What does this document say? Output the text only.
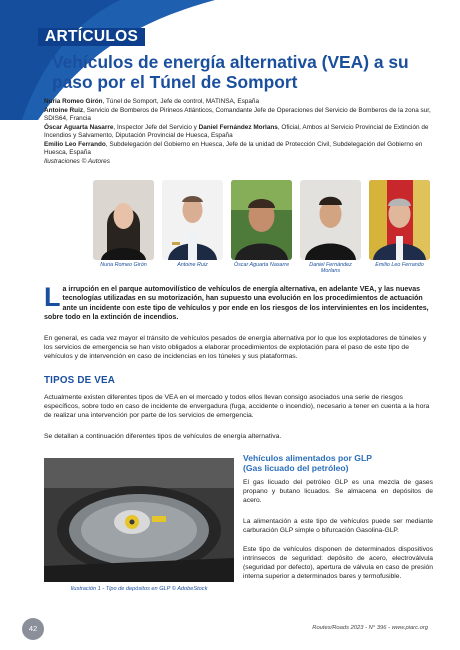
ARTÍCULOS
Vehículos de energía alternativa (VEA) a su paso por el Túnel de Somport

Nuria Romeo Girón, Túnel de Somport, Jefe de control, MATINSA, España

Antoine Ruiz, Servicio de Bomberos de Pirineos Atlánticos, Comandante Jefe de Operaciones del Servicio de Bomberos de la zona sur, SDIS64, Francia

Óscar Aguarta Nasarre, Inspector Jefe del Servicio y Daniel Fernández Morlans, Oficial, Ambos al Servicio Provincial de Extinción de Incendios y Salvamento, Diputación Provincial de Huesca, España

Emilio Leo Ferrando, Subdelegación del Gobierno en Huesca, Jefe de la unidad de Protección Civil, Subdelegación del Gobierno en Huesca, España

Ilustraciones © Autores

Nuria Romeo Girón	Antoine Ruiz	Óscar Aguarta Nasarre	Daniel Fernández Morlans
Emilio Leo Ferrando
La irrupción en el parque automovilístico de vehículos de energía alternativa, en adelante VEA, y las nuevas tecnologías utilizadas en su motorización, han supuesto una evolución en los procedimientos de actuación ante un incidente con este tipo de vehículos y por ende en los riesgos de los intervinientes en los incidentes, sobre todo en la extinción de incendios.
En general, es cada vez mayor el tránsito de vehículos pesados de energía alternativa por lo que los explotadores de túneles y los servicios de emergencia se han visto obligados a elaborar procedimientos de explotación para el paso de este tipo de vehículos y de intervención en caso de incidencias en los túneles y sus plataformas.
TIPOS DE VEA
Actualmente existen diferentes tipos de VEA en el mercado y todos ellos llevan consigo asociados una serie de riesgos específicos, sobre todo en caso de incidente de envergadura (fuga, accidente o incendio), necesario a tener en cuenta a la hora de realizar una intervención por parte de los servicios de emergencia.
Se detallan a continuación diferentes tipos de vehículos de energía alternativa.
Ilustración 1 - Tipo de depósitos en GLP © AdobeStock
Vehículos alimentados por GLP
(Gas licuado del petróleo)
El gas licuado del petróleo GLP es una mezcla de gases propano y butano licuados. Se almacena en depósitos de acero.
La alimentación a este tipo de vehículos puede ser mediante carburación GLP simple o bifurcación Gasolina-GLP.
Este tipo de vehículos disponen de determinados dispositivos intrínsecos de seguridad: depósito de acero, electroválvula (seguridad por defecto), apertura de válvula en caso de presión interna superior a determinados bares y termofusible.
42	Routes/Roads 2023 - N° 396 - www.piarc.org
